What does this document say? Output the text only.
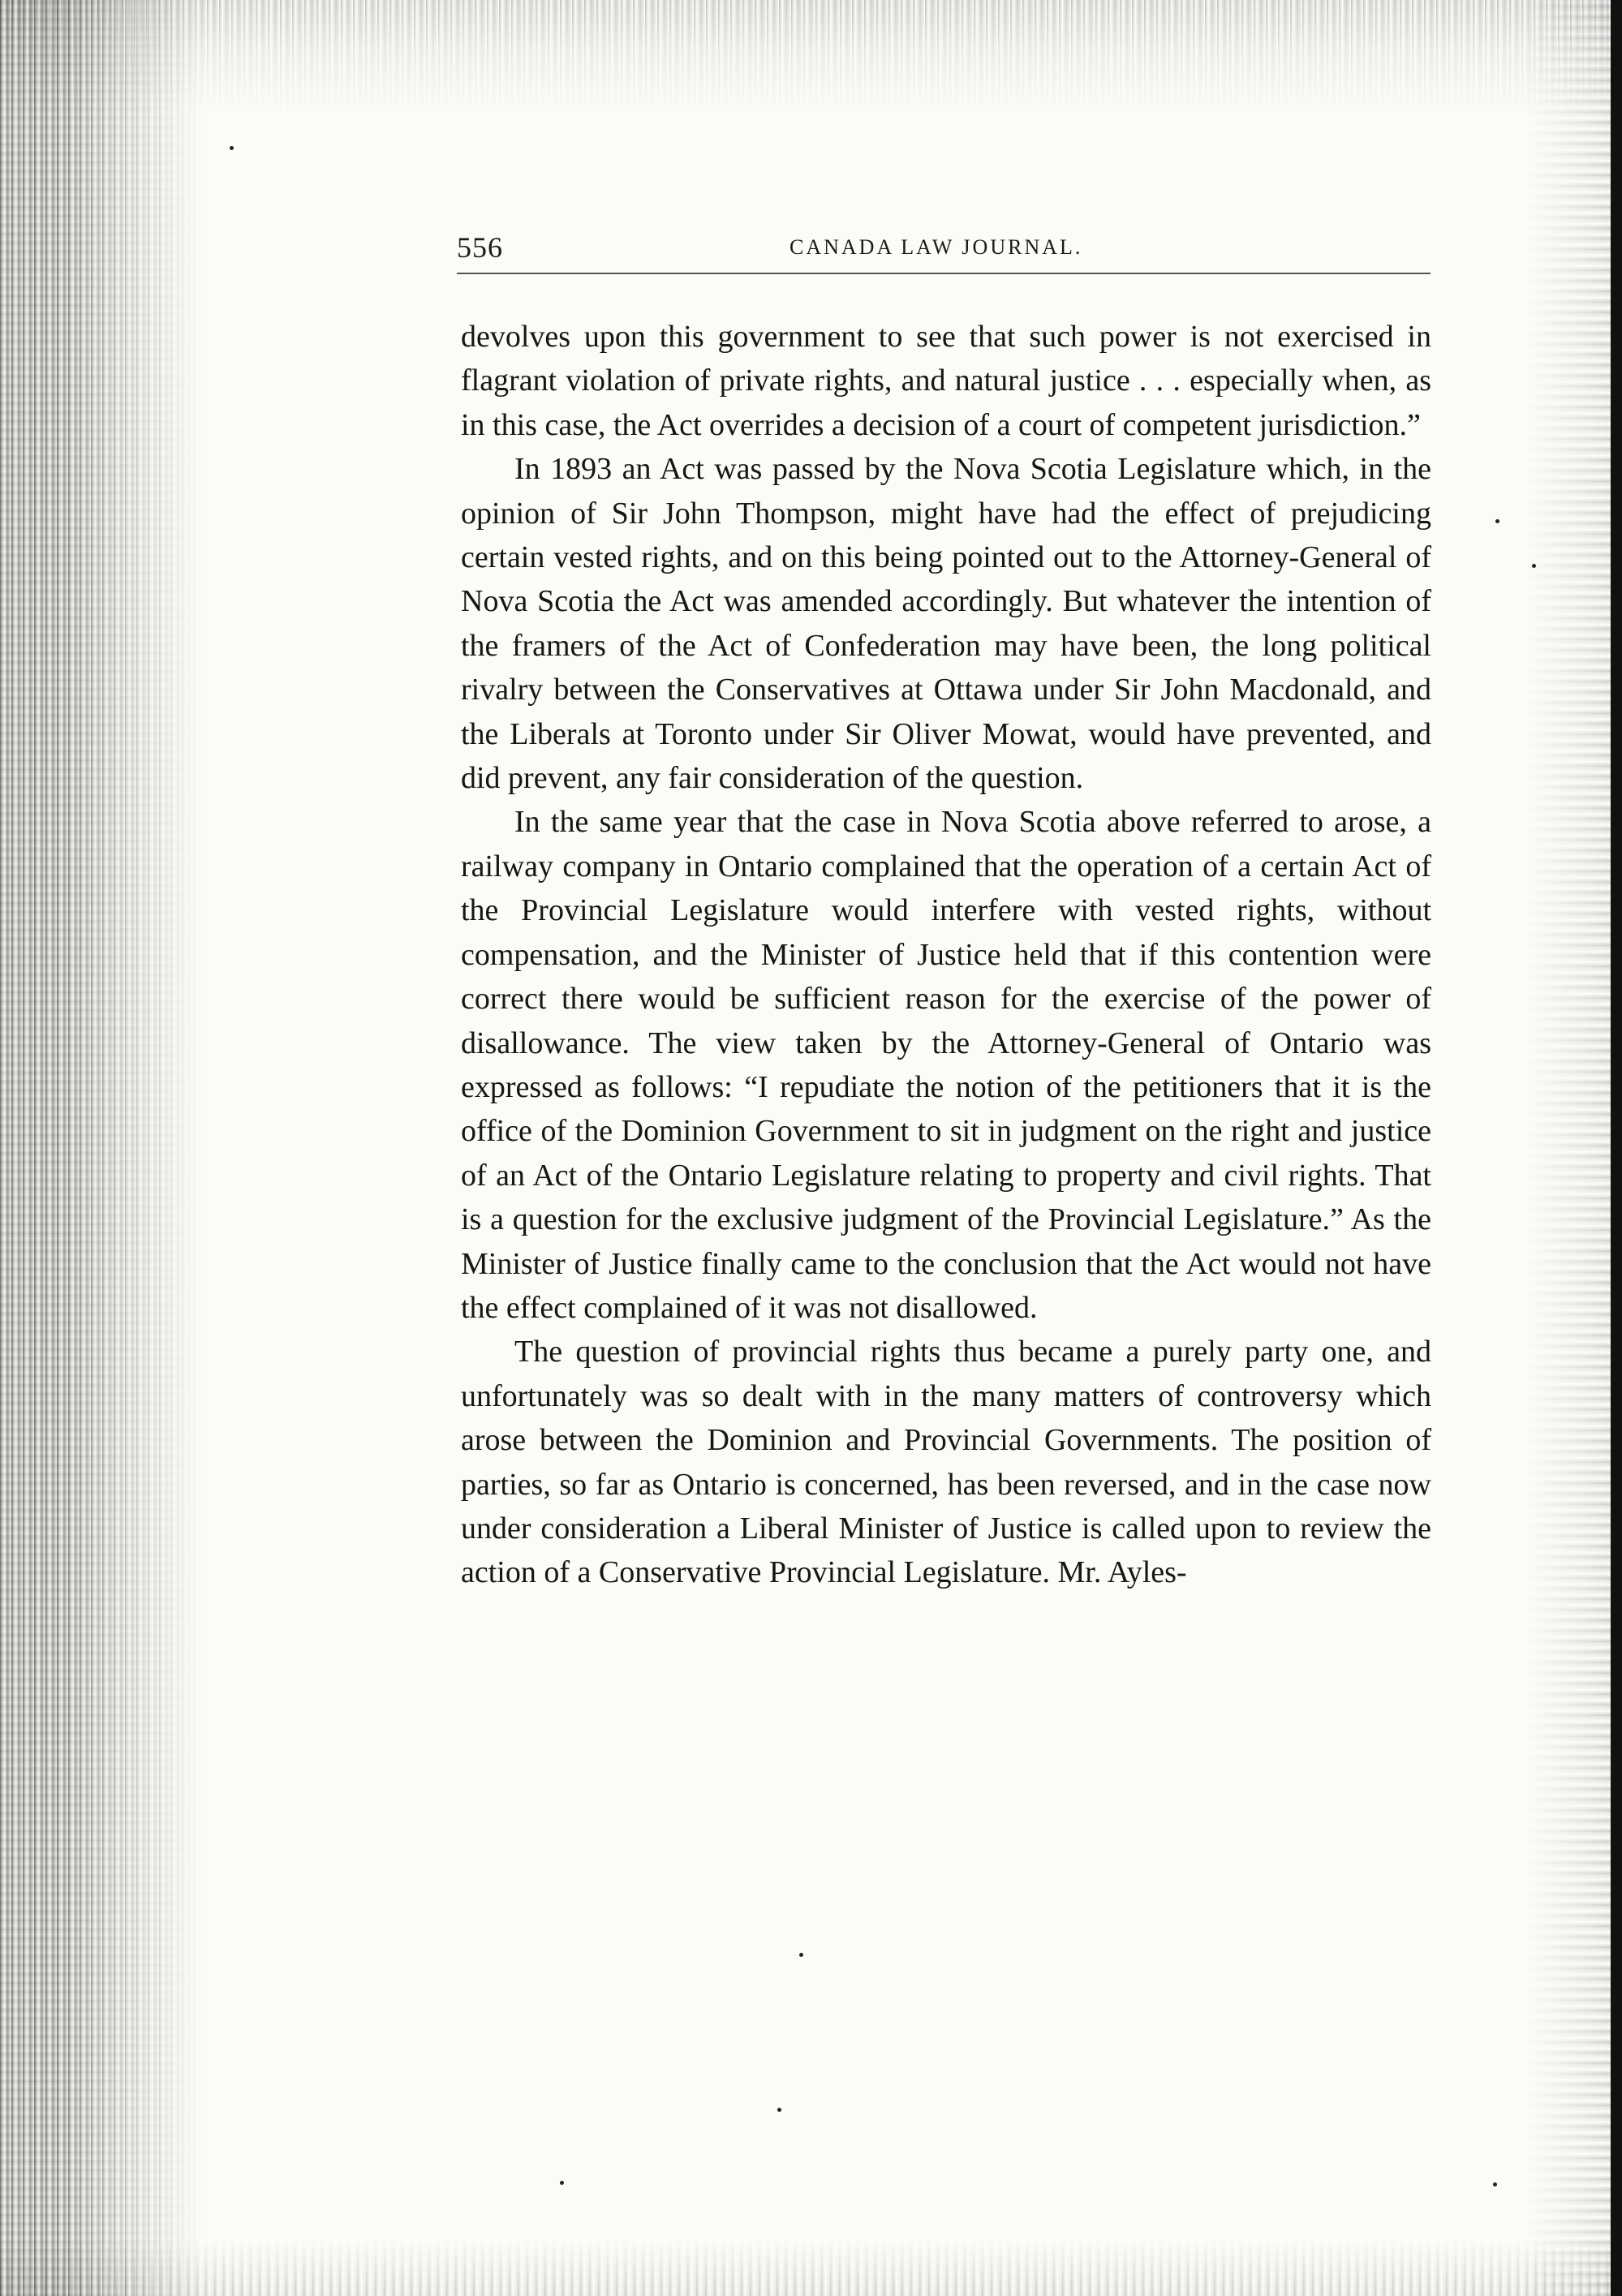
556	CANADA LAW JOURNAL.

devolves upon this government to see that such power is not exercised in flagrant violation of private rights, and natural justice . . . especially when, as in this case, the Act overrides a decision of a court of competent jurisdiction.”

In 1893 an Act was passed by the Nova Scotia Legislature which, in the opinion of Sir John Thompson, might have had the effect of prejudicing certain vested rights, and on this being pointed out to the Attorney-General of Nova Scotia the Act was amended accordingly. But whatever the intention of the framers of the Act of Confederation may have been, the long political rivalry between the Conservatives at Ottawa under Sir John Macdonald, and the Liberals at Toronto under Sir Oliver Mowat, would have prevented, and did prevent, any fair consideration of the question.

In the same year that the case in Nova Scotia above referred to arose, a railway company in Ontario complained that the operation of a certain Act of the Provincial Legislature would interfere with vested rights, without compensation, and the Minister of Justice held that if this contention were correct there would be sufficient reason for the exercise of the power of disallowance. The view taken by the Attorney-General of Ontario was expressed as follows: “I repudiate the notion of the petitioners that it is the office of the Dominion Government to sit in judgment on the right and justice of an Act of the Ontario Legislature relating to property and civil rights. That is a question for the exclusive judgment of the Provincial Legislature.” As the Minister of Justice finally came to the conclusion that the Act would not have the effect complained of it was not disallowed.

The question of provincial rights thus became a purely party one, and unfortunately was so dealt with in the many matters of controversy which arose between the Dominion and Provincial Governments. The position of parties, so far as Ontario is concerned, has been reversed, and in the case now under consideration a Liberal Minister of Justice is called upon to review the action of a Conservative Provincial Legislature. Mr. Ayles-
